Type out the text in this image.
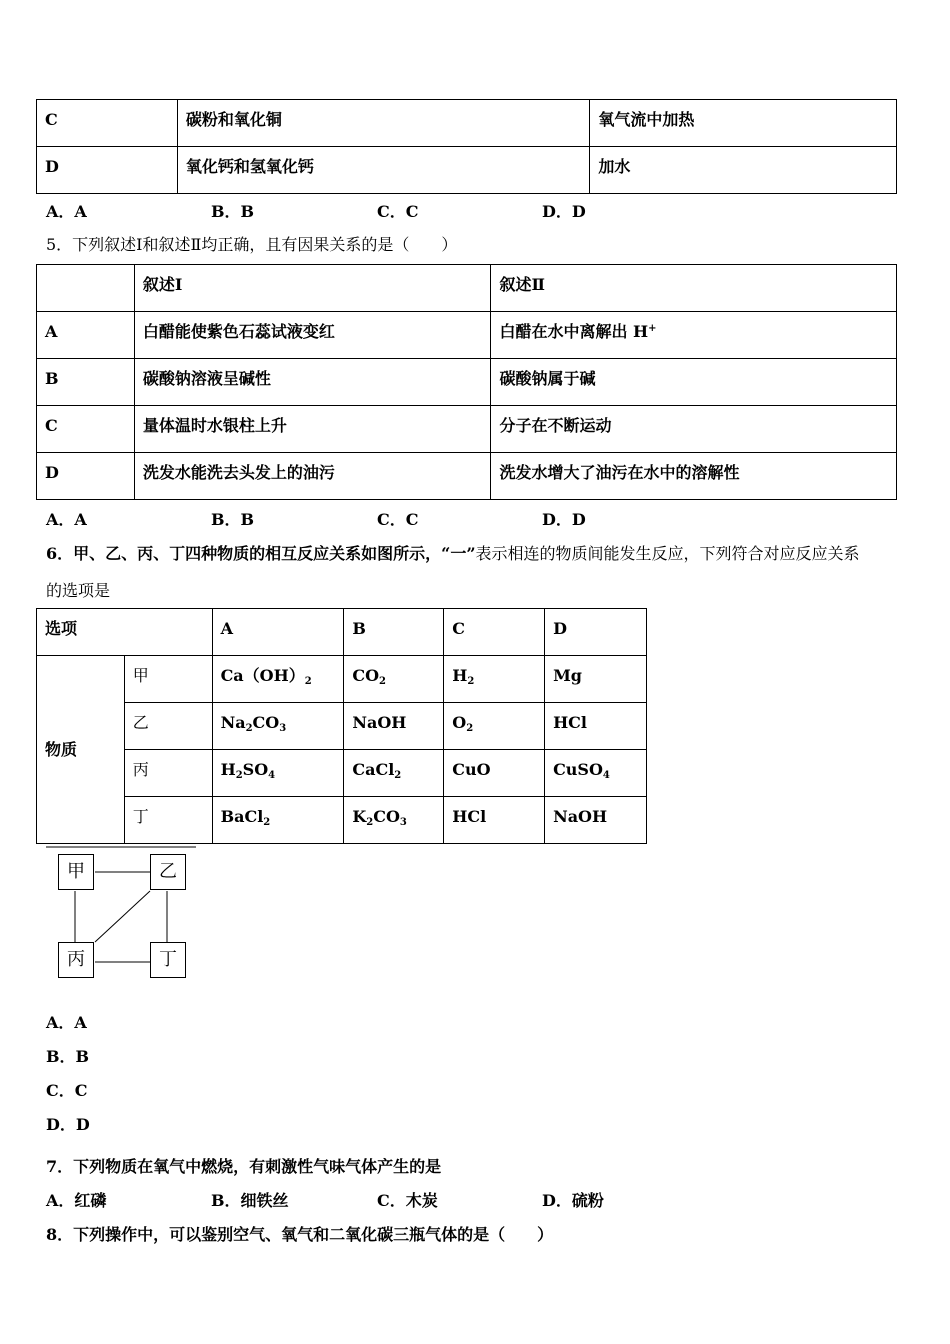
C	碳粉和氧化铜	氧气流中加热
D	氧化钙和氢氧化钙	加水
A．A	B．B	C．C	D．D
5．下列叙述Ⅰ和叙述Ⅱ均正确，且有因果关系的是（　　）
	叙述Ⅰ	叙述Ⅱ
A	白醋能使紫色石蕊试液变红	白醋在水中离解出 H+
B	碳酸钠溶液呈碱性	碳酸钠属于碱
C	量体温时水银柱上升	分子在不断运动
D	洗发水能洗去头发上的油污	洗发水增大了油污在水中的溶解性
A．A	B．B	C．C	D．D
6．甲、乙、丙、丁四种物质的相互反应关系如图所示，“一”表示相连的物质间能发生反应，下列符合对应反应关系
的选项是
选项		A	B	C	D
物质	甲	$Ca(OH)_2$	$CO_2$	$H_2$	Mg
	乙	$Na_2CO_3$	NaOH	$O_2$	HCl
	丙	$H_2SO_4$	CaCl$_2$	CuO	CuSO$_4$
	丁	BaCl$_2$	$K_2CO_3$	HCl	NaOH
甲	乙
丙	丁
A．A
B．B
C．C
D．D
7．下列物质在氧气中燃烧，有刺激性气味气体产生的是
A．红磷	B．细铁丝	C．木炭	D．硫粉
8．下列操作中，可以鉴别空气、氧气和二氧化碳三瓶气体的是（　　）
